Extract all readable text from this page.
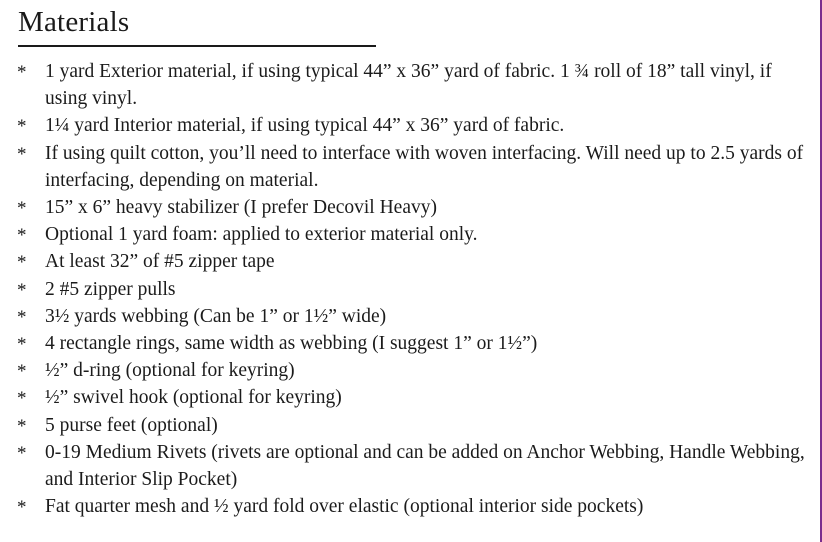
Materials
* 1 yard Exterior material, if using typical 44” x 36” yard of fabric. 1 ¾ roll of 18” tall vinyl, if using vinyl.
* 1¼ yard Interior material, if using typical 44” x 36” yard of fabric.
* If using quilt cotton, you’ll need to interface with woven interfacing. Will need up to 2.5 yards of interfacing, depending on material.
* 15” x 6” heavy stabilizer (I prefer Decovil Heavy)
* Optional 1 yard foam: applied to exterior material only.
* At least 32” of #5 zipper tape
* 2 #5 zipper pulls
* 3½ yards webbing (Can be 1” or 1½” wide)
* 4 rectangle rings, same width as webbing (I suggest 1” or 1½”)
* ½” d-ring (optional for keyring)
* ½” swivel hook (optional for keyring)
* 5 purse feet (optional)
* 0-19 Medium Rivets (rivets are optional and can be added on Anchor Webbing, Handle Webbing, and Interior Slip Pocket)
* Fat quarter mesh and ½ yard fold over elastic (optional interior side pockets)
